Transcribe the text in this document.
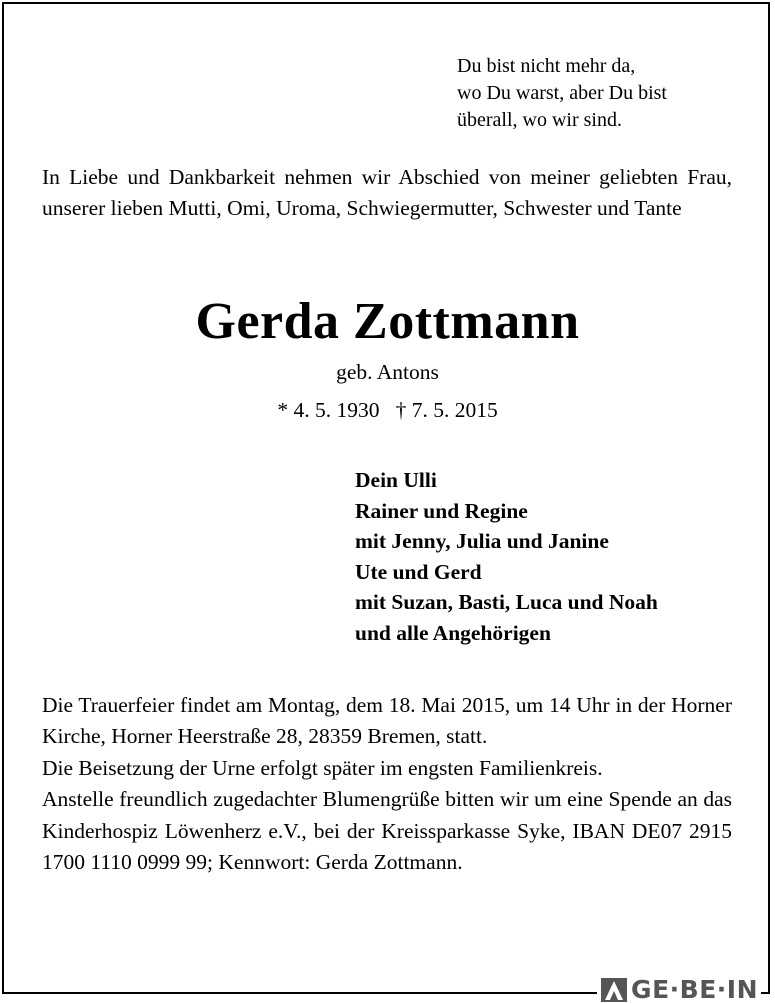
Du bist nicht mehr da,
wo Du warst, aber Du bist
überall, wo wir sind.
In Liebe und Dankbarkeit nehmen wir Abschied von meiner geliebten Frau, unserer lieben Mutti, Omi, Uroma, Schwiegermutter, Schwester und Tante
Gerda Zottmann
geb. Antons
* 4. 5. 1930   † 7. 5. 2015
Dein Ulli
Rainer und Regine
mit Jenny, Julia und Janine
Ute und Gerd
mit Suzan, Basti, Luca und Noah
und alle Angehörigen

Die Trauerfeier findet am Montag, dem 18. Mai 2015, um 14 Uhr in der Horner Kirche, Horner Heerstraße 28, 28359 Bremen, statt.

Die Beisetzung der Urne erfolgt später im engsten Familienkreis.

Anstelle freundlich zugedachter Blumengrüße bitten wir um eine Spende an das Kinderhospiz Löwenherz e.V., bei der Kreissparkasse Syke, IBAN DE07 2915 1700 1110 0999 99; Kennwort: Gerda Zottmann.

GE·BE·IN
